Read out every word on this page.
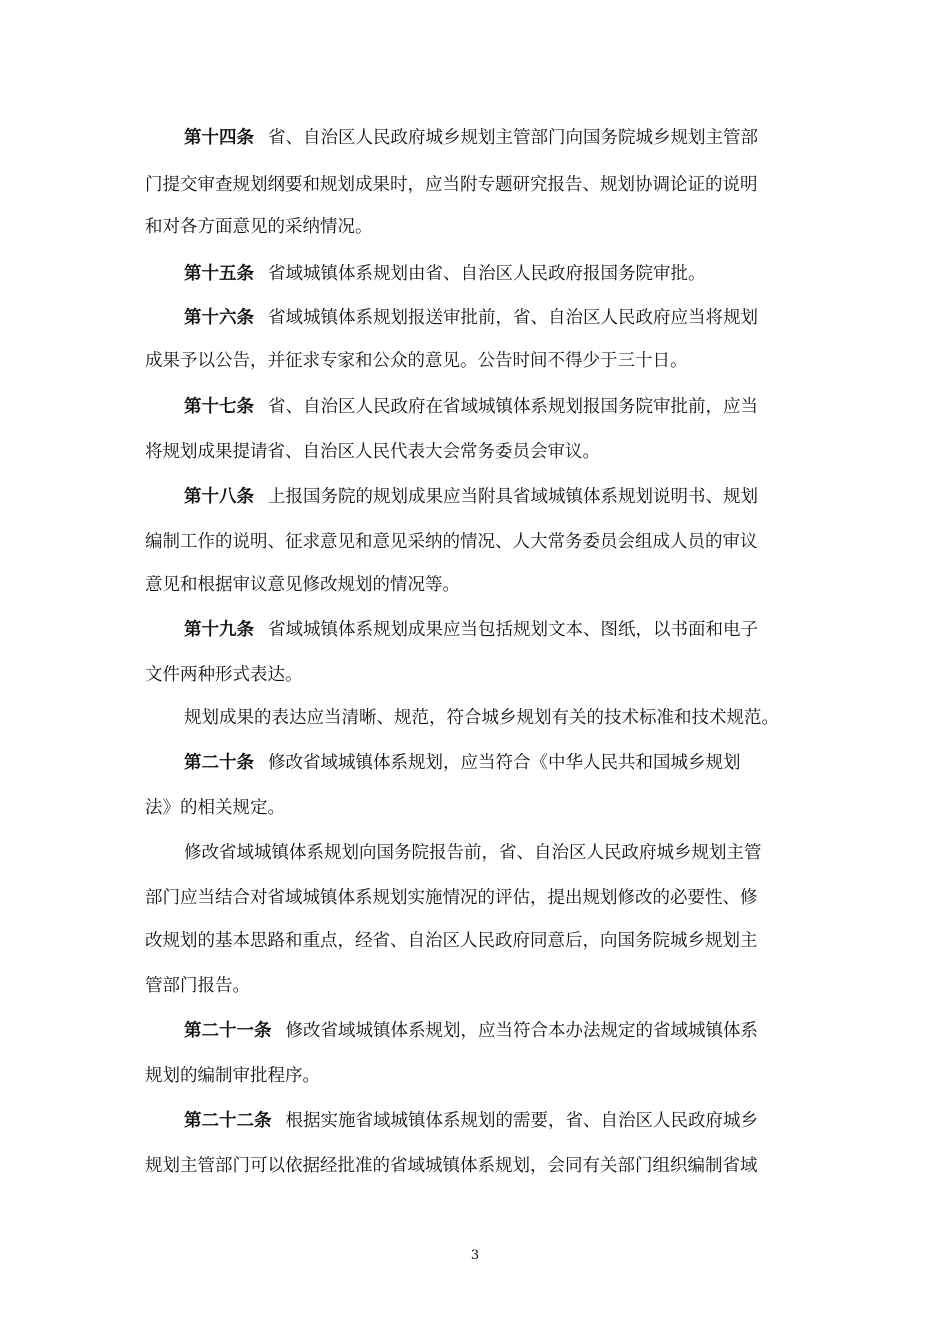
第十四条 省、自治区人民政府城乡规划主管部门向国务院城乡规划主管部
门提交审查规划纲要和规划成果时，应当附专题研究报告、规划协调论证的说明
和对各方面意见的采纳情况。
第十五条 省域城镇体系规划由省、自治区人民政府报国务院审批。
第十六条 省域城镇体系规划报送审批前，省、自治区人民政府应当将规划
成果予以公告，并征求专家和公众的意见。公告时间不得少于三十日。
第十七条 省、自治区人民政府在省域城镇体系规划报国务院审批前，应当
将规划成果提请省、自治区人民代表大会常务委员会审议。
第十八条 上报国务院的规划成果应当附具省域城镇体系规划说明书、规划
编制工作的说明、征求意见和意见采纳的情况、人大常务委员会组成人员的审议
意见和根据审议意见修改规划的情况等。
第十九条 省域城镇体系规划成果应当包括规划文本、图纸，以书面和电子
文件两种形式表达。
规划成果的表达应当清晰、规范，符合城乡规划有关的技术标准和技术规范。
第二十条 修改省域城镇体系规划，应当符合《中华人民共和国城乡规划
法》的相关规定。
修改省域城镇体系规划向国务院报告前，省、自治区人民政府城乡规划主管
部门应当结合对省域城镇体系规划实施情况的评估，提出规划修改的必要性、修
改规划的基本思路和重点，经省、自治区人民政府同意后，向国务院城乡规划主
管部门报告。
第二十一条 修改省域城镇体系规划，应当符合本办法规定的省域城镇体系
规划的编制审批程序。
第二十二条 根据实施省域城镇体系规划的需要，省、自治区人民政府城乡
规划主管部门可以依据经批准的省域城镇体系规划，会同有关部门组织编制省域
3
